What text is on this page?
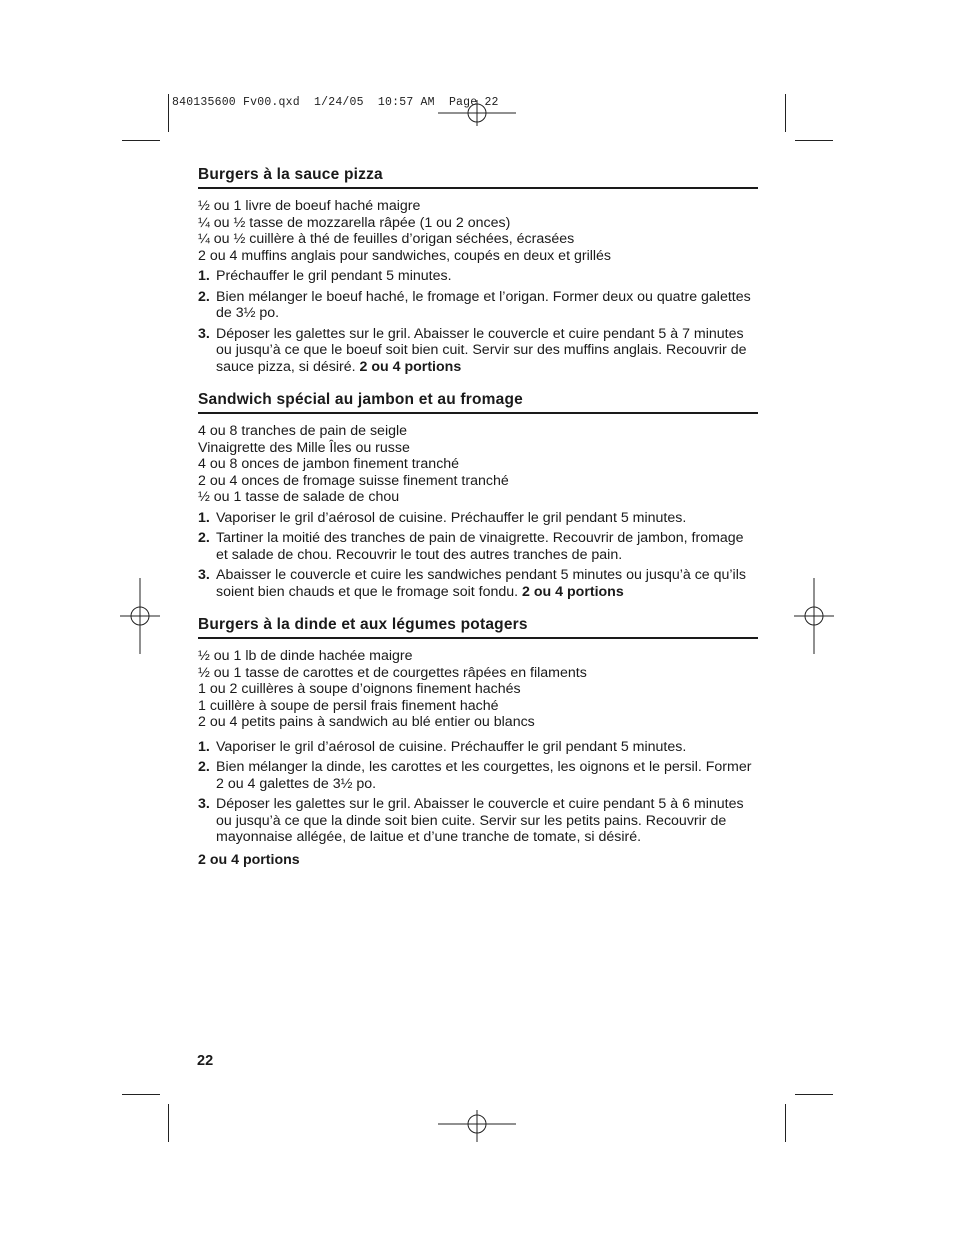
840135600 Fv00.qxd  1/24/05  10:57 AM  Page 22
Burgers à la sauce pizza
½ ou 1 livre de boeuf haché maigre
¼ ou ½ tasse de mozzarella râpée (1 ou 2 onces)
¼ ou ½ cuillère à thé de feuilles d’origan séchées, écrasées
2 ou 4 muffins anglais pour sandwiches, coupés en deux et grillés
1. Préchauffer le gril pendant 5 minutes.
2. Bien mélanger le boeuf haché, le fromage et l’origan. Former deux ou quatre galettes de 3½ po.
3. Déposer les galettes sur le gril. Abaisser le couvercle et cuire pendant 5 à 7 minutes ou jusqu’à ce que le boeuf soit bien cuit. Servir sur des muffins anglais. Recouvrir de sauce pizza, si désiré. 2 ou 4 portions
Sandwich spécial au jambon et au fromage
4 ou 8 tranches de pain de seigle
Vinaigrette des Mille Îles ou russe
4 ou 8 onces de jambon finement tranché
2 ou 4 onces de fromage suisse finement tranché
½ ou 1 tasse de salade de chou
1. Vaporiser le gril d’aérosol de cuisine. Préchauffer le gril pendant 5 minutes.
2. Tartiner la moitié des tranches de pain de vinaigrette. Recouvrir de jambon, fromage et salade de chou. Recouvrir le tout des autres tranches de pain.
3. Abaisser le couvercle et cuire les sandwiches pendant 5 minutes ou jusqu’à ce qu’ils soient bien chauds et que le fromage soit fondu. 2 ou 4 portions
Burgers à la dinde et aux légumes potagers
½ ou 1 lb de dinde hachée maigre
½ ou 1 tasse de carottes et de courgettes râpées en filaments
1 ou 2 cuillères à soupe d’oignons finement hachés
1 cuillère à soupe de persil frais finement haché
2 ou 4 petits pains à sandwich au blé entier ou blancs
1. Vaporiser le gril d’aérosol de cuisine. Préchauffer le gril pendant 5 minutes.
2. Bien mélanger la dinde, les carottes et les courgettes, les oignons et le persil. Former 2 ou 4 galettes de 3½ po.
3. Déposer les galettes sur le gril. Abaisser le couvercle et cuire pendant 5 à 6 minutes ou jusqu’à ce que la dinde soit bien cuite. Servir sur les petits pains. Recouvrir de mayonnaise allégée, de laitue et d’une tranche de tomate, si désiré.
2 ou 4 portions
22
